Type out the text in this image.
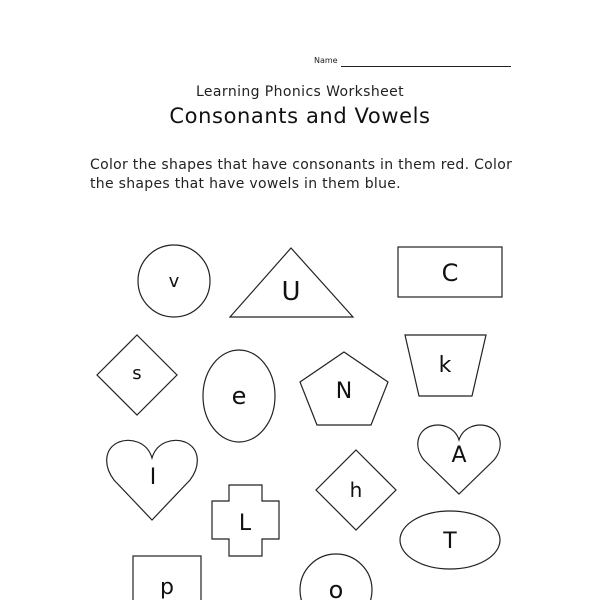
Name
Learning Phonics Worksheet
Consonants and Vowels
Color the shapes that have consonants in them red. Color
the shapes that have vowels in them blue.
v	U
C
s
e	N
k
I
A
h
L
T
p	o
